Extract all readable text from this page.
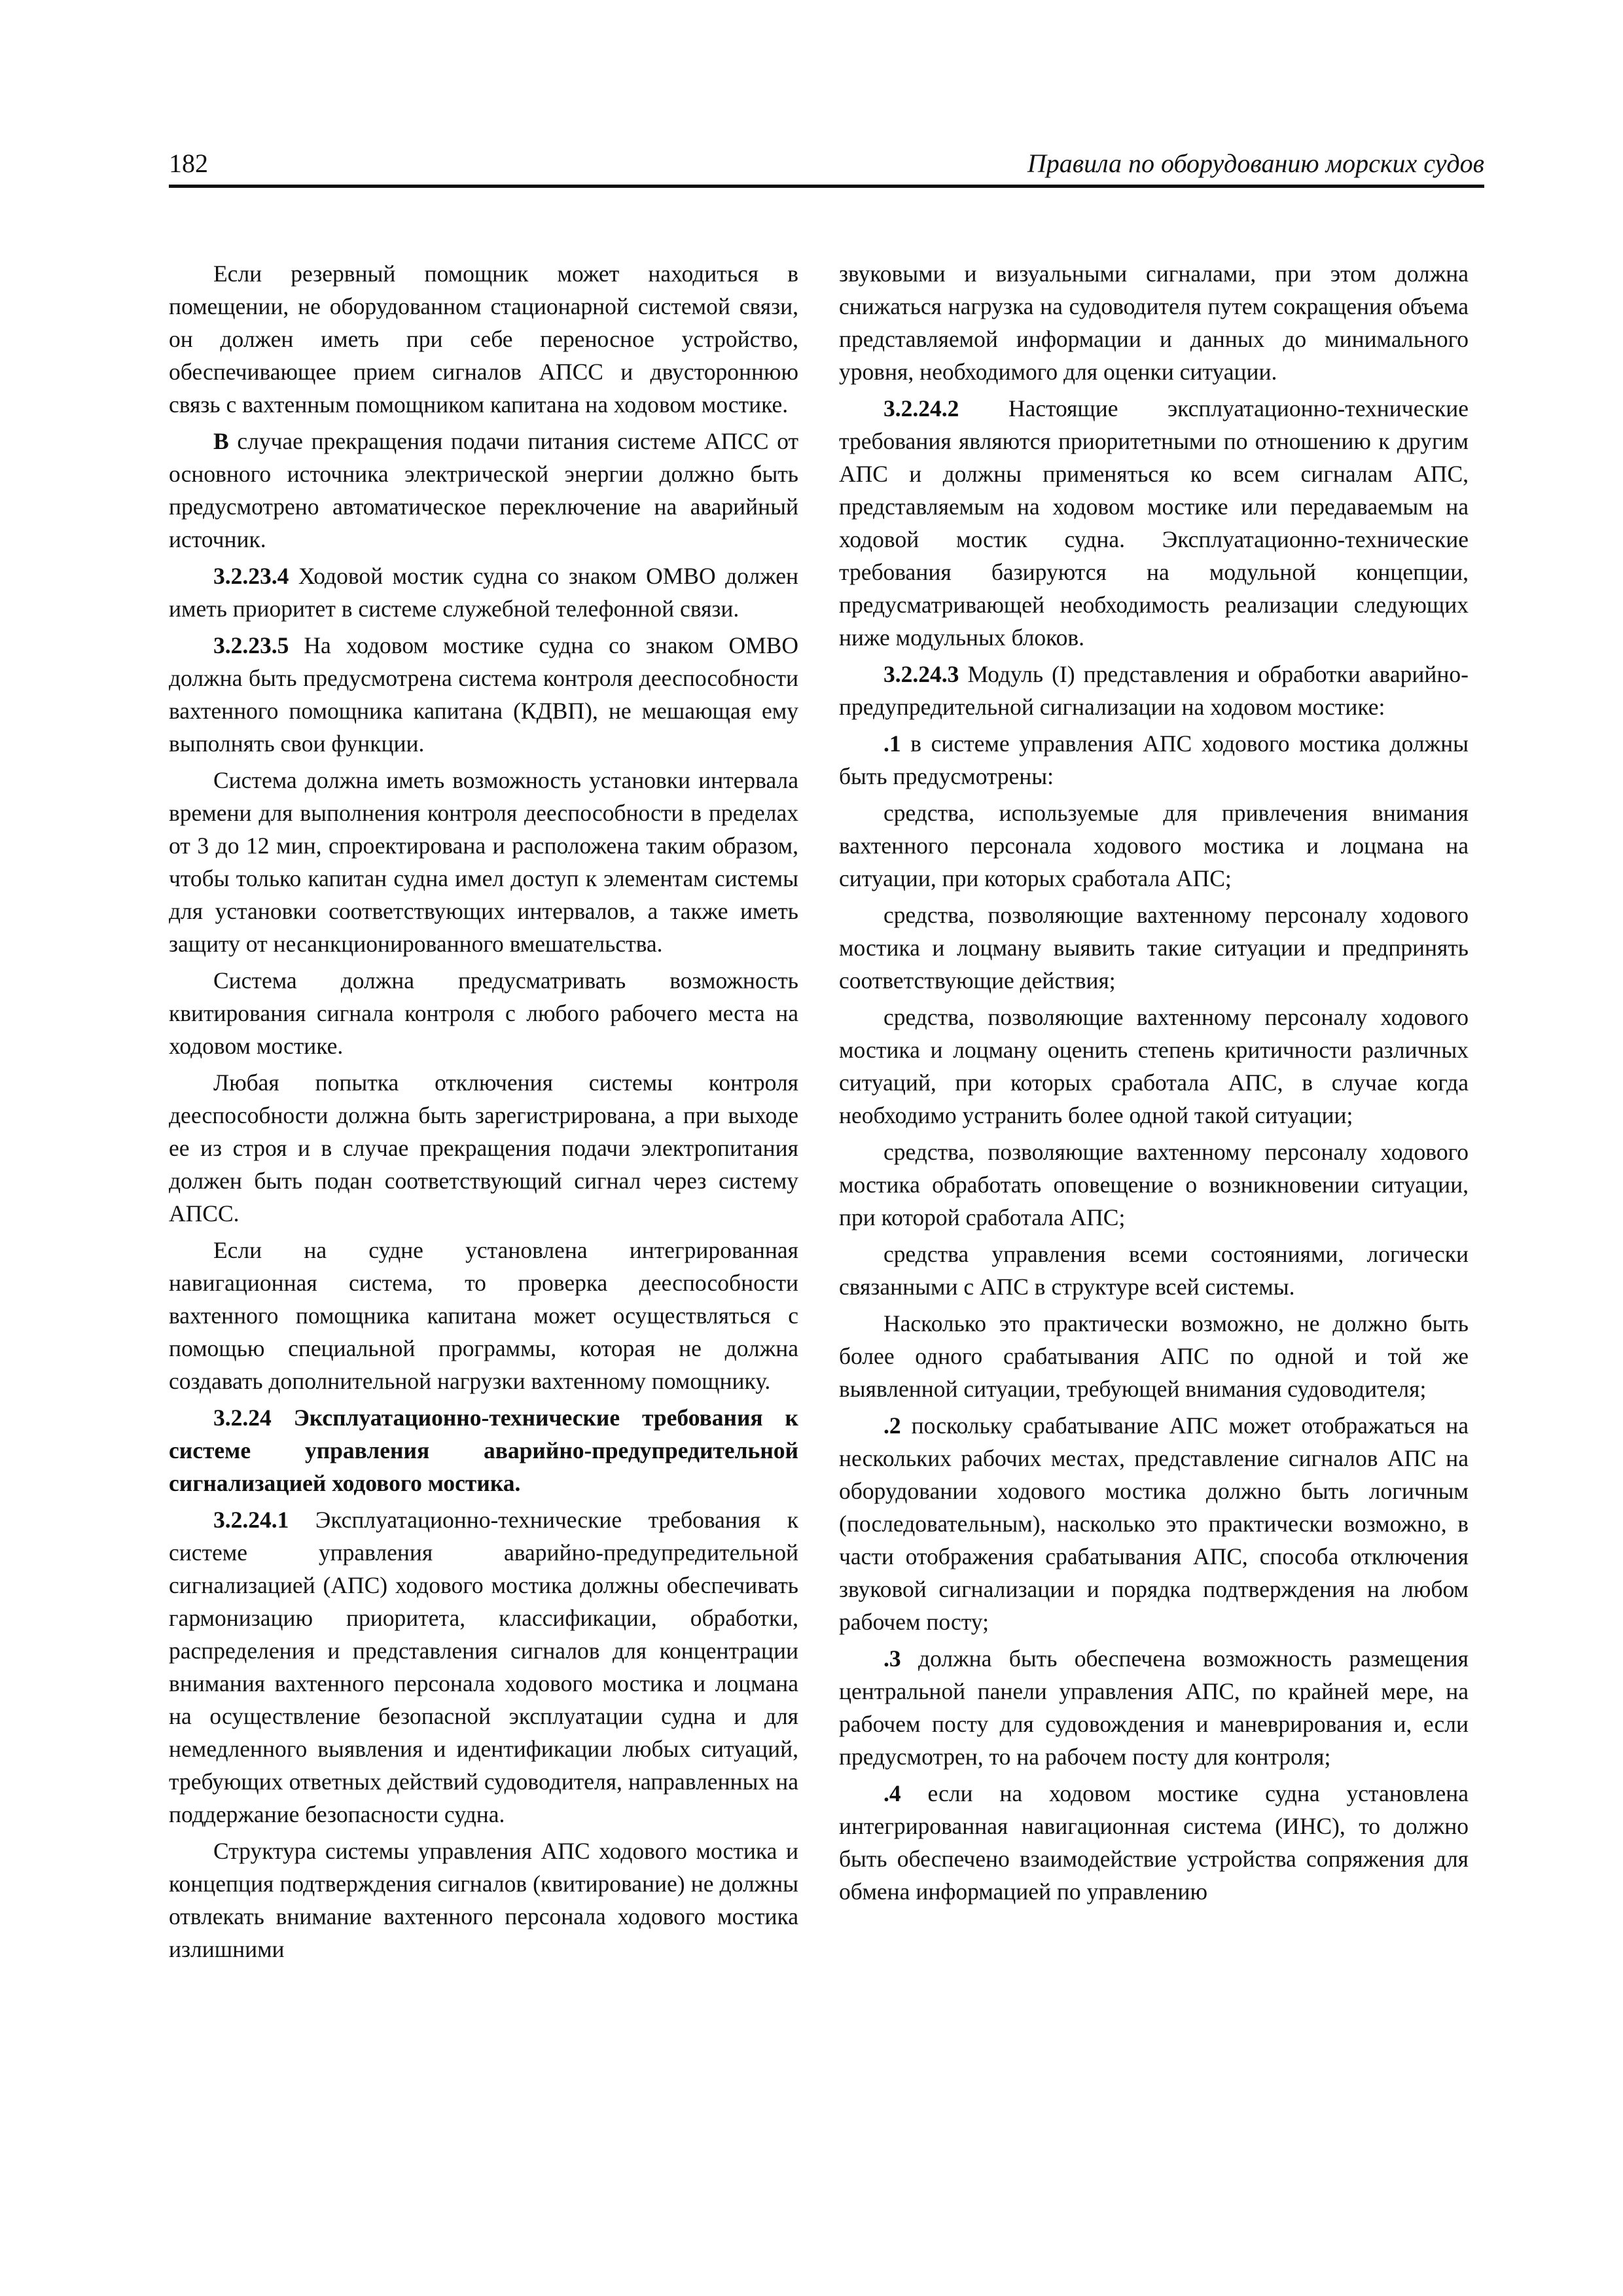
182	Правила по оборудованию морских судов

Если резервный помощник может находиться в помещении, не оборудованном стационарной системой связи, он должен иметь при себе переносное устройство, обеспечивающее прием сигналов АПСС и двустороннюю связь с вахтенным помощником капитана на ходовом мостике.

В случае прекращения подачи питания системе АПСС от основного источника электрической энергии должно быть предусмотрено автоматическое переключение на аварийный источник.

3.2.23.4 Ходовой мостик судна со знаком ОМВО должен иметь приоритет в системе служебной телефонной связи.

3.2.23.5 На ходовом мостике судна со знаком ОМВО должна быть предусмотрена система контроля дееспособности вахтенного помощника капитана (КДВП), не мешающая ему выполнять свои функции.

Система должна иметь возможность установки интервала времени для выполнения контроля дееспособности в пределах от 3 до 12 мин, спроектирована и расположена таким образом, чтобы только капитан судна имел доступ к элементам системы для установки соответствующих интервалов, а также иметь защиту от несанкционированного вмешательства.

Система должна предусматривать возможность квитирования сигнала контроля с любого рабочего места на ходовом мостике.

Любая попытка отключения системы контроля дееспособности должна быть зарегистрирована, а при выходе ее из строя и в случае прекращения подачи электропитания должен быть подан соответствующий сигнал через систему АПСС.

Если на судне установлена интегрированная навигационная система, то проверка дееспособности вахтенного помощника капитана может осуществляться с помощью специальной программы, которая не должна создавать дополнительной нагрузки вахтенному помощнику.

3.2.24 Эксплуатационно-технические требования к системе управления аварийно-предупредительной сигнализацией ходового мостика.

3.2.24.1 Эксплуатационно-технические требования к системе управления аварийно-предупредительной сигнализацией (АПС) ходового мостика должны обеспечивать гармонизацию приоритета, классификации, обработки, распределения и представления сигналов для концентрации внимания вахтенного персонала ходового мостика и лоцмана на осуществление безопасной эксплуатации судна и для немедленного выявления и идентификации любых ситуаций, требующих ответных действий судоводителя, направленных на поддержание безопасности судна.

Структура системы управления АПС ходового мостика и концепция подтверждения сигналов (квитирование) не должны отвлекать внимание вахтенного персонала ходового мостика излишними

звуковыми и визуальными сигналами, при этом должна снижаться нагрузка на судоводителя путем сокращения объема представляемой информации и данных до минимального уровня, необходимого для оценки ситуации.

3.2.24.2 Настоящие эксплуатационно-технические требования являются приоритетными по отношению к другим АПС и должны применяться ко всем сигналам АПС, представляемым на ходовом мостике или передаваемым на ходовой мостик судна. Эксплуатационно-технические требования базируются на модульной концепции, предусматривающей необходимость реализации следующих ниже модульных блоков.

3.2.24.3 Модуль (I) представления и обработки аварийно-предупредительной сигнализации на ходовом мостике:

.1 в системе управления АПС ходового мостика должны быть предусмотрены:

средства, используемые для привлечения внимания вахтенного персонала ходового мостика и лоцмана на ситуации, при которых сработала АПС;

средства, позволяющие вахтенному персоналу ходового мостика и лоцману выявить такие ситуации и предпринять соответствующие действия;

средства, позволяющие вахтенному персоналу ходового мостика и лоцману оценить степень критичности различных ситуаций, при которых сработала АПС, в случае когда необходимо устранить более одной такой ситуации;

средства, позволяющие вахтенному персоналу ходового мостика обработать оповещение о возникновении ситуации, при которой сработала АПС;

средства управления всеми состояниями, логически связанными с АПС в структуре всей системы.

Насколько это практически возможно, не должно быть более одного срабатывания АПС по одной и той же выявленной ситуации, требующей внимания судоводителя;

.2 поскольку срабатывание АПС может отображаться на нескольких рабочих местах, представление сигналов АПС на оборудовании ходового мостика должно быть логичным (последовательным), насколько это практически возможно, в части отображения срабатывания АПС, способа отключения звуковой сигнализации и порядка подтверждения на любом рабочем посту;

.3 должна быть обеспечена возможность размещения центральной панели управления АПС, по крайней мере, на рабочем посту для судовождения и маневрирования и, если предусмотрен, то на рабочем посту для контроля;

.4 если на ходовом мостике судна установлена интегрированная навигационная система (ИНС), то должно быть обеспечено взаимодействие устройства сопряжения для обмена информацией по управлению
